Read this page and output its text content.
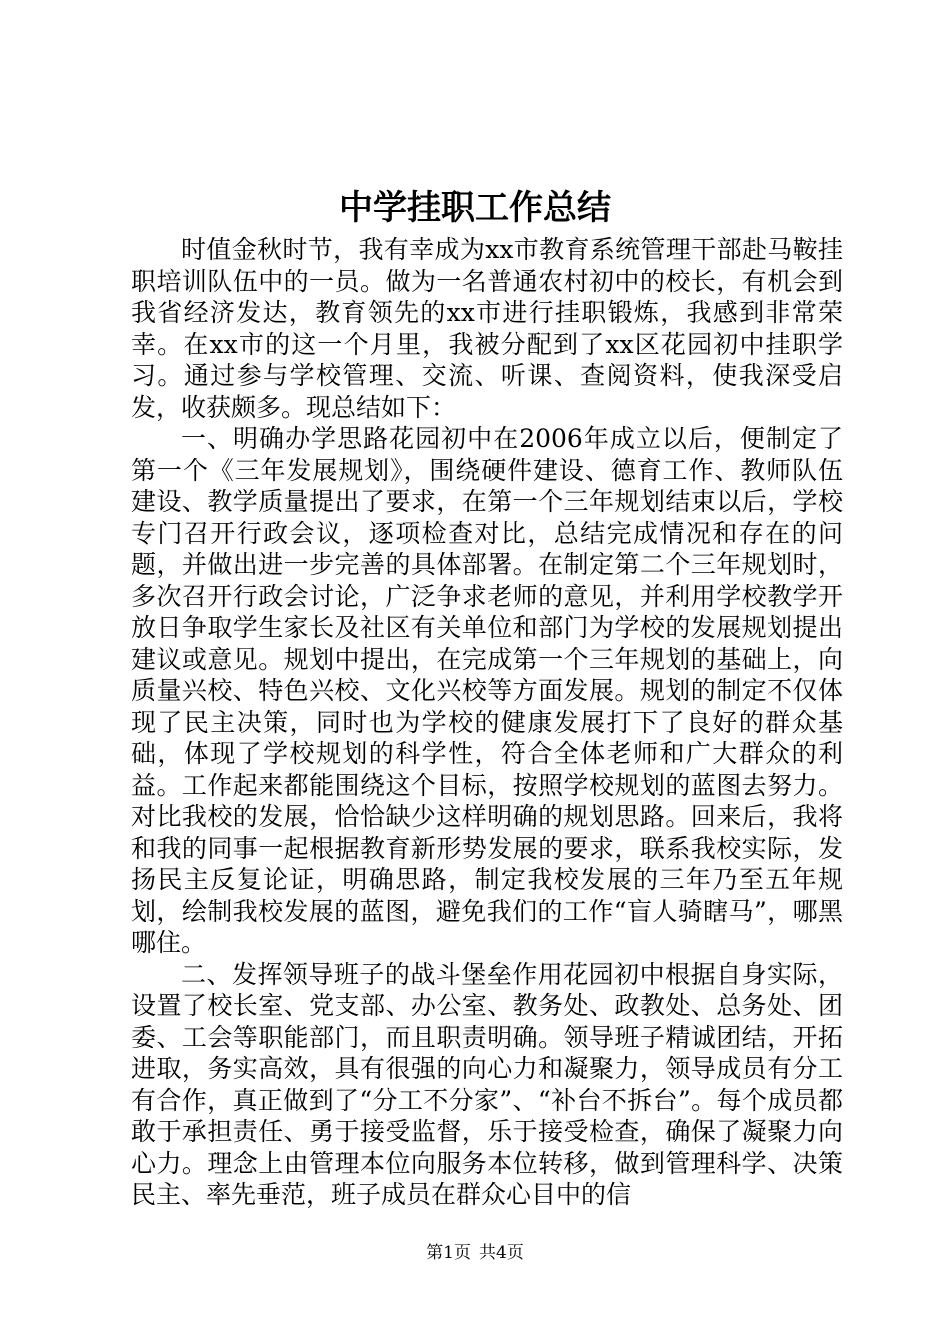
中学挂职工作总结

时值金秋时节，我有幸成为xx市教育系统管理干部赴马鞍挂职培训队伍中的一员。做为一名普通农村初中的校长，有机会到我省经济发达，教育领先的xx市进行挂职锻炼，我感到非常荣幸。在xx市的这一个月里，我被分配到了xx区花园初中挂职学习。通过参与学校管理、交流、听课、查阅资料，使我深受启发，收获颇多。现总结如下：

一、明确办学思路花园初中在2006年成立以后，便制定了第一个《三年发展规划》，围绕硬件建设、德育工作、教师队伍建设、教学质量提出了要求，在第一个三年规划结束以后，学校专门召开行政会议，逐项检查对比，总结完成情况和存在的问题，并做出进一步完善的具体部署。在制定第二个三年规划时，多次召开行政会讨论，广泛争求老师的意见，并利用学校教学开放日争取学生家长及社区有关单位和部门为学校的发展规划提出建议或意见。规划中提出，在完成第一个三年规划的基础上，向质量兴校、特色兴校、文化兴校等方面发展。规划的制定不仅体现了民主决策，同时也为学校的健康发展打下了良好的群众基础，体现了学校规划的科学性，符合全体老师和广大群众的利益。工作起来都能围绕这个目标，按照学校规划的蓝图去努力。对比我校的发展，恰恰缺少这样明确的规划思路。回来后，我将和我的同事一起根据教育新形势发展的要求，联系我校实际，发扬民主反复论证，明确思路，制定我校发展的三年乃至五年规划，绘制我校发展的蓝图，避免我们的工作“盲人骑瞎马”，哪黑哪住。

二、发挥领导班子的战斗堡垒作用花园初中根据自身实际，设置了校长室、党支部、办公室、教务处、政教处、总务处、团委、工会等职能部门，而且职责明确。领导班子精诚团结，开拓进取，务实高效，具有很强的向心力和凝聚力，领导成员有分工有合作，真正做到了“分工不分家”、“补台不拆台”。每个成员都敢于承担责任、勇于接受监督，乐于接受检查，确保了凝聚力向心力。理念上由管理本位向服务本位转移，做到管理科学、决策民主、率先垂范，班子成员在群众心目中的信

第1页 共4页
